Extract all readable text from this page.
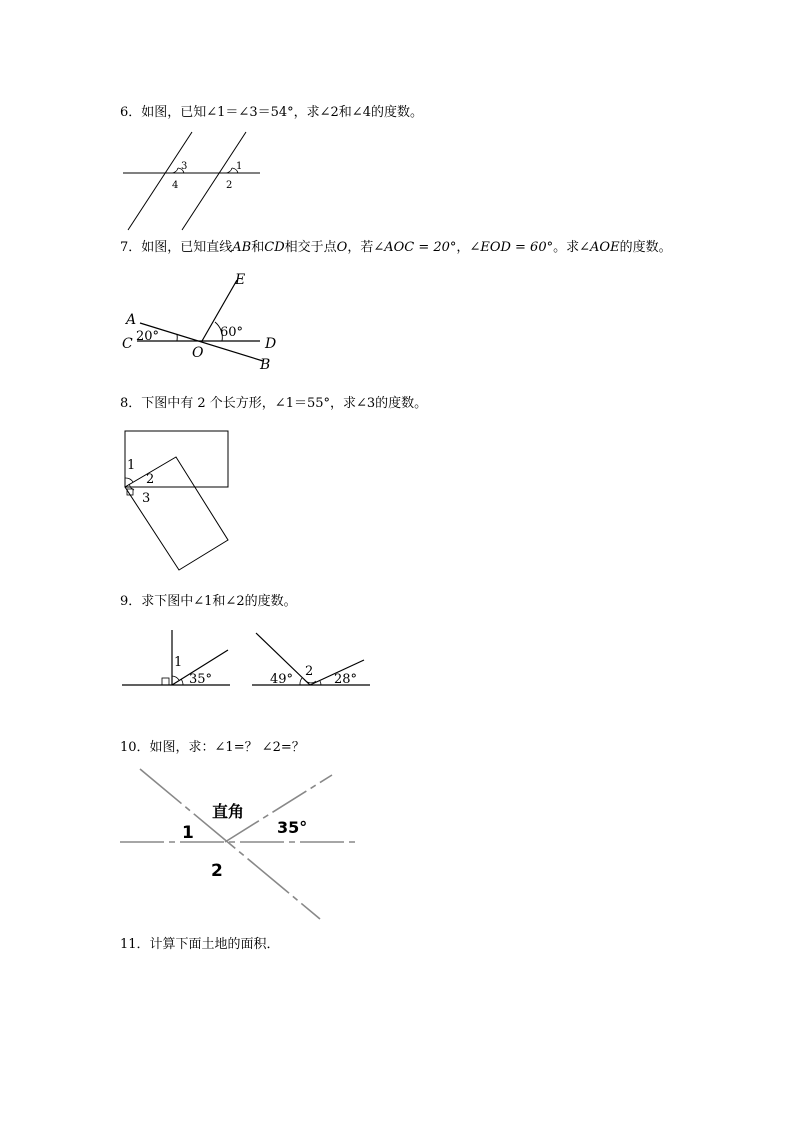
6．如图，已知∠1＝∠3＝54°，求∠2和∠4的度数。
3
4
1
2
7．如图，已知直线AB和CD相交于点O，若∠AOC = 20°，∠EOD = 60°。求∠AOE的度数。
A
C 20°
O
60°
E
D
B
8．下图中有 2 个长方形，∠1＝55°，求∠3的度数。
1
2
3
9．求下图中∠1和∠2的度数。
1
35°
2
49°	28°
10．如图，求：∠1=？ ∠2=？
直角
1	35°
2
11．计算下面土地的面积．
